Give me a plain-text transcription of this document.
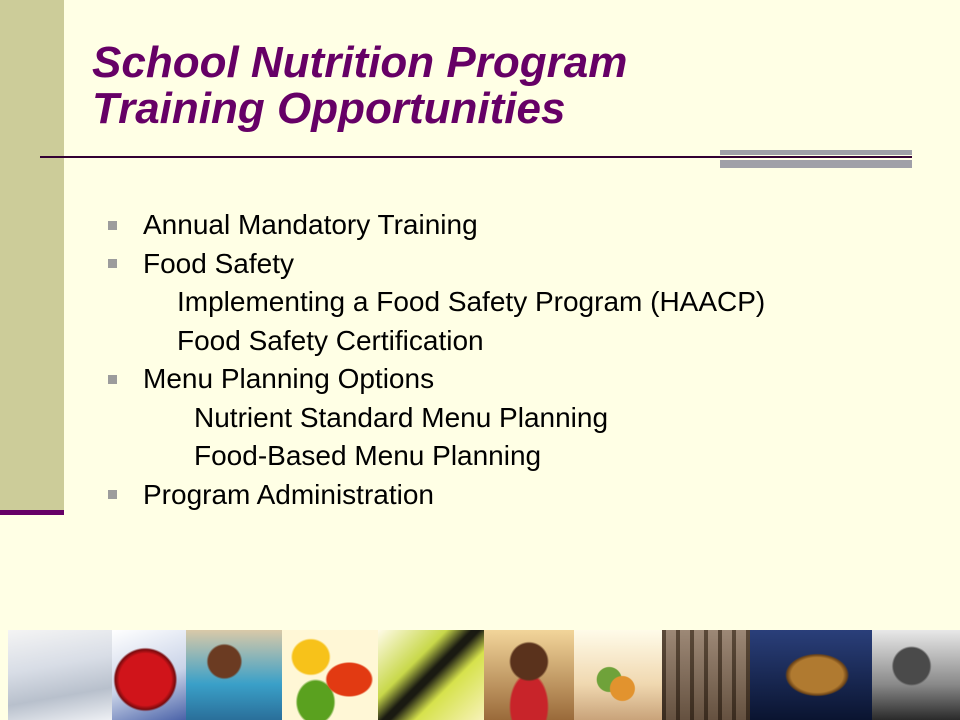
School Nutrition Program
Training Opportunities
Annual Mandatory Training
Food Safety
Implementing a Food Safety Program (HAACP)
Food Safety Certification
Menu Planning Options
Nutrient Standard Menu Planning
Food-Based Menu Planning
Program Administration
